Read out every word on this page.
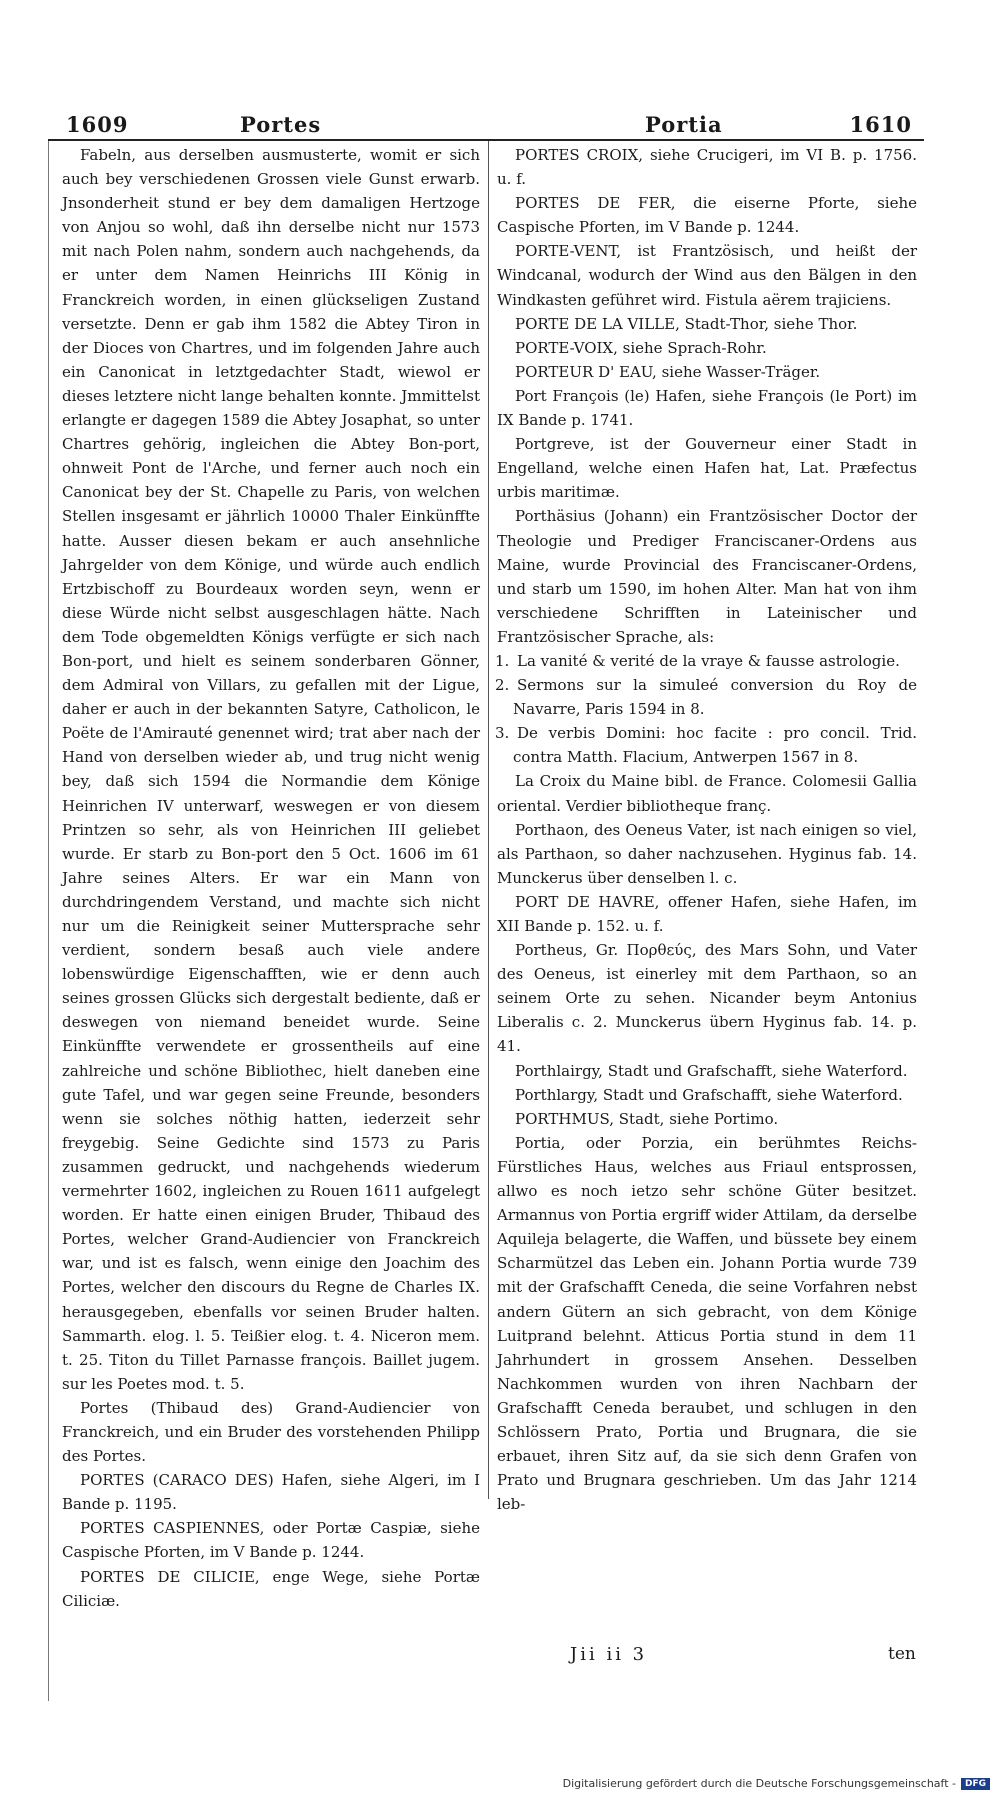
1609	Portes	Portia	1610

Fabeln, aus derselben ausmusterte, womit er sich auch bey verschiedenen Grossen viele Gunst erwarb. Jnsonderheit stund er bey dem damaligen Hertzoge von Anjou so wohl, daß ihn derselbe nicht nur 1573 mit nach Polen nahm, sondern auch nachgehends, da er unter dem Namen Heinrichs III König in Franckreich worden, in einen glückseligen Zustand versetzte. Denn er gab ihm 1582 die Abtey Tiron in der Dioces von Chartres, und im folgenden Jahre auch ein Canonicat in letztgedachter Stadt, wiewol er dieses letztere nicht lange behalten konnte. Jmmittelst erlangte er dagegen 1589 die Abtey Josaphat, so unter Chartres gehörig, ingleichen die Abtey Bon-port, ohnweit Pont de l'Arche, und ferner auch noch ein Canonicat bey der St. Chapelle zu Paris, von welchen Stellen insgesamt er jährlich 10000 Thaler Einkünffte hatte. Ausser diesen bekam er auch ansehnliche Jahrgelder von dem Könige, und würde auch endlich Ertzbischoff zu Bourdeaux worden seyn, wenn er diese Würde nicht selbst ausgeschlagen hätte. Nach dem Tode obgemeldten Königs verfügte er sich nach Bon-port, und hielt es seinem sonderbaren Gönner, dem Admiral von Villars, zu gefallen mit der Ligue, daher er auch in der bekannten Satyre, Catholicon, le Poëte de l'Amirauté genennet wird; trat aber nach der Hand von derselben wieder ab, und trug nicht wenig bey, daß sich 1594 die Normandie dem Könige Heinrichen IV unterwarf, weswegen er von diesem Printzen so sehr, als von Heinrichen III geliebet wurde. Er starb zu Bon-port den 5 Oct. 1606 im 61 Jahre seines Alters. Er war ein Mann von durchdringendem Verstand, und machte sich nicht nur um die Reinigkeit seiner Muttersprache sehr verdient, sondern besaß auch viele andere lobenswürdige Eigenschafften, wie er denn auch seines grossen Glücks sich dergestalt bediente, daß er deswegen von niemand beneidet wurde. Seine Einkünffte verwendete er grossentheils auf eine zahlreiche und schöne Bibliothec, hielt daneben eine gute Tafel, und war gegen seine Freunde, besonders wenn sie solches nöthig hatten, iederzeit sehr freygebig. Seine Gedichte sind 1573 zu Paris zusammen gedruckt, und nachgehends wiederum vermehrter 1602, ingleichen zu Rouen 1611 aufgelegt worden. Er hatte einen einigen Bruder, Thibaud des Portes, welcher Grand-Audiencier von Franckreich war, und ist es falsch, wenn einige den Joachim des Portes, welcher den discours du Regne de Charles IX. herausgegeben, ebenfalls vor seinen Bruder halten. Sammarth. elog. l. 5. Teißier elog. t. 4. Niceron mem. t. 25. Titon du Tillet Parnasse françois. Baillet jugem. sur les Poetes mod. t. 5.

Portes (Thibaud des) Grand-Audiencier von Franckreich, und ein Bruder des vorstehenden Philipp des Portes.

PORTES (CARACO DES) Hafen, siehe Algeri, im I Bande p. 1195.

PORTES CASPIENNES, oder Portæ Caspiæ, siehe Caspische Pforten, im V Bande p. 1244.

PORTES DE CILICIE, enge Wege, siehe Portæ Ciliciæ.

PORTES CROIX, siehe Crucigeri, im VI B. p. 1756. u. f.

PORTES DE FER, die eiserne Pforte, siehe Caspische Pforten, im V Bande p. 1244.

PORTE-VENT, ist Frantzösisch, und heißt der Windcanal, wodurch der Wind aus den Bälgen in den Windkasten geführet wird. Fistula aërem trajiciens.

PORTE DE LA VILLE, Stadt-Thor, siehe Thor.

PORTE-VOIX, siehe Sprach-Rohr.

PORTEUR D' EAU, siehe Wasser-Träger.

Port François (le) Hafen, siehe François (le Port) im IX Bande p. 1741.

Portgreve, ist der Gouverneur einer Stadt in Engelland, welche einen Hafen hat, Lat. Præfectus urbis maritimæ.

Porthäsius (Johann) ein Frantzösischer Doctor der Theologie und Prediger Franciscaner-Ordens aus Maine, wurde Provincial des Franciscaner-Ordens, und starb um 1590, im hohen Alter. Man hat von ihm verschiedene Schrifften in Lateinischer und Frantzösischer Sprache, als:

1. La vanité & verité de la vraye & fausse astrologie.

2. Sermons sur la simuleé conversion du Roy de Navarre, Paris 1594 in 8.

3. De verbis Domini: hoc facite : pro concil. Trid. contra Matth. Flacium, Antwerpen 1567 in 8.

La Croix du Maine bibl. de France. Colomesii Gallia oriental. Verdier bibliotheque franç.

Porthaon, des Oeneus Vater, ist nach einigen so viel, als Parthaon, so daher nachzusehen. Hyginus fab. 14. Munckerus über denselben l. c.

PORT DE HAVRE, offener Hafen, siehe Hafen, im XII Bande p. 152. u. f.

Portheus, Gr. Πορθεύς, des Mars Sohn, und Vater des Oeneus, ist einerley mit dem Parthaon, so an seinem Orte zu sehen. Nicander beym Antonius Liberalis c. 2. Munckerus übern Hyginus fab. 14. p. 41.

Porthlairgy, Stadt und Grafschafft, siehe Waterford.

Porthlargy, Stadt und Grafschafft, siehe Waterford.

PORTHMUS, Stadt, siehe Portimo.

Portia, oder Porzia, ein berühmtes Reichs-Fürstliches Haus, welches aus Friaul entsprossen, allwo es noch ietzo sehr schöne Güter besitzet. Armannus von Portia ergriff wider Attilam, da derselbe Aquileja belagerte, die Waffen, und büssete bey einem Scharmützel das Leben ein. Johann Portia wurde 739 mit der Grafschafft Ceneda, die seine Vorfahren nebst andern Gütern an sich gebracht, von dem Könige Luitprand belehnt. Atticus Portia stund in dem 11 Jahrhundert in grossem Ansehen. Desselben Nachkommen wurden von ihren Nachbarn der Grafschafft Ceneda beraubet, und schlugen in den Schlössern Prato, Portia und Brugnara, die sie erbauet, ihren Sitz auf, da sie sich denn Grafen von Prato und Brugnara geschrieben. Um das Jahr 1214 leb-

Jii ii 3	ten
Digitalisierung gefördert durch die Deutsche Forschungsgemeinschaft -	DFG
